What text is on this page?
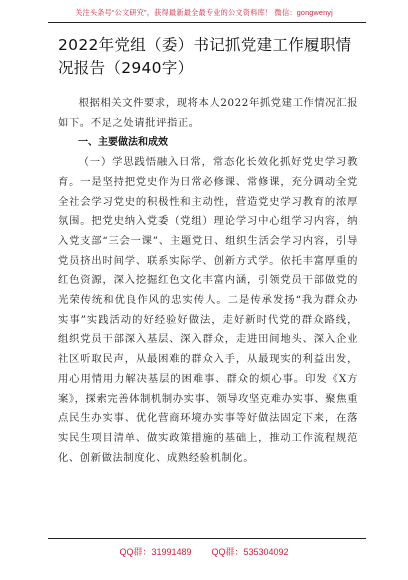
关注头条号“公文研究”，获得最新最全最专业的公文资料库！ 微信：gongwenyj
2022年党组（委）书记抓党建工作履职情况报告（2940字）

根据相关文件要求，现将本人2022年抓党建工作情况汇报如下。不足之处请批评指正。

一、主要做法和成效

（一）学思践悟融入日常，常态化长效化抓好党史学习教育。一是坚持把党史作为日常必修课、常修课，充分调动全党全社会学习党史的积极性和主动性，营造党史学习教育的浓厚氛围。把党史纳入党委（党组）理论学习中心组学习内容，纳入党支部“三会一课”、主题党日、组织生活会学习内容，引导党员挤出时间学、联系实际学、创新方式学。依托丰富厚重的红色资源，深入挖掘红色文化丰富内涵，引领党员干部做党的光荣传统和优良作风的忠实传人。二是传承发扬“我为群众办实事”实践活动的好经验好做法，走好新时代党的群众路线，组织党员干部深入基层、深入群众，走进田间地头、深入企业社区听取民声，从最困难的群众入手，从最现实的利益出发，用心用情用力解决基层的困难事、群众的烦心事。印发《X方案》，探索完善体制机制办实事、领导攻坚克难办实事、聚焦重点民生办实事、优化营商环境办实事等好做法固定下来，在落实民生项目清单、做实政策措施的基础上，推动工作流程规范化、创新做法制度化、成熟经验机制化。

QQ群：31991489 QQ群：535304092
